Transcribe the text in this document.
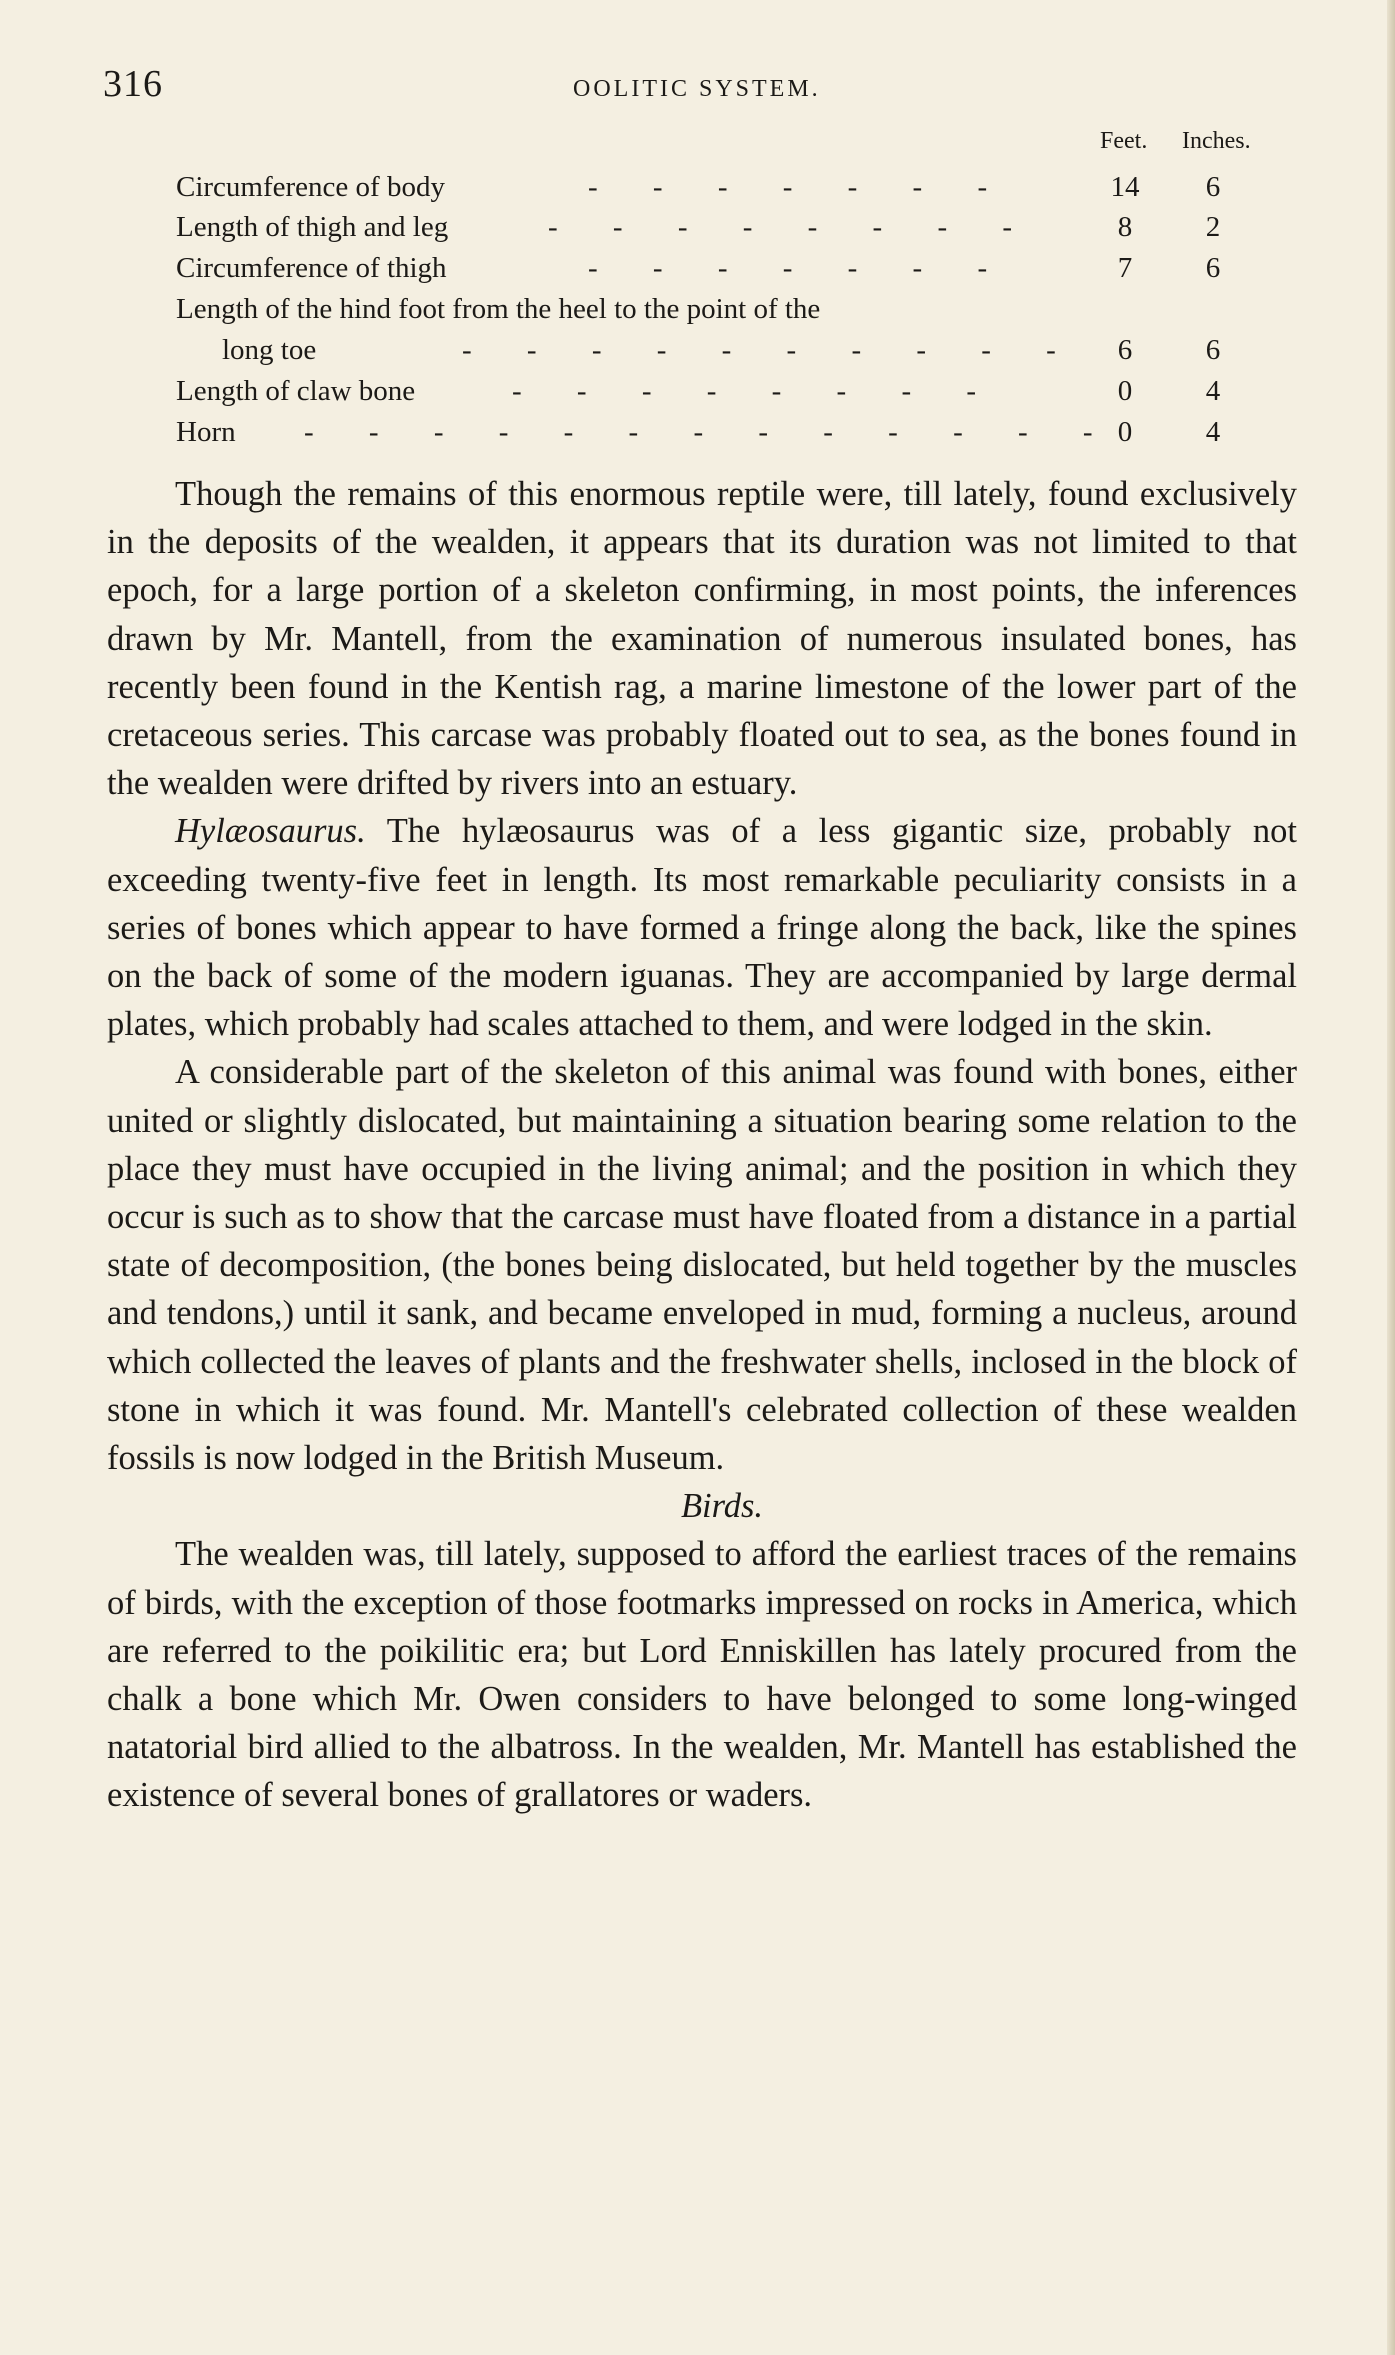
316	OOLITIC SYSTEM.
Feet. Inches.
Circumference of body	- - - - - - -	14	6
Length of thigh and leg	- - - - - - - -	8	2
Circumference of thigh	- - - - - - -	7	6
Length of the hind foot from the heel to the point of the
long toe	- - - - - - - - - -	6	6
Length of claw bone	- - - - - - - -	0	4
Horn - - - - - - - - - - - - - 0	4

Though the remains of this enormous reptile were, till lately, found exclusively in the deposits of the wealden, it appears that its duration was not limited to that epoch, for a large portion of a skeleton confirming, in most points, the inferences drawn by Mr. Mantell, from the examination of numerous insulated bones, has recently been found in the Kentish rag, a marine limestone of the lower part of the cretaceous series. This carcase was probably floated out to sea, as the bones found in the wealden were drifted by rivers into an estuary.

Hylæosaurus. The hylæosaurus was of a less gigantic size, probably not exceeding twenty-five feet in length. Its most remarkable peculiarity consists in a series of bones which appear to have formed a fringe along the back, like the spines on the back of some of the modern iguanas. They are accompanied by large dermal plates, which probably had scales attached to them, and were lodged in the skin.

A considerable part of the skeleton of this animal was found with bones, either united or slightly dislocated, but maintaining a situation bearing some relation to the place they must have occupied in the living animal; and the position in which they occur is such as to show that the carcase must have floated from a distance in a partial state of decomposition, (the bones being dislocated, but held together by the muscles and tendons,) until it sank, and became enveloped in mud, forming a nucleus, around which collected the leaves of plants and the freshwater shells, inclosed in the block of stone in which it was found. Mr. Mantell's celebrated collection of these wealden fossils is now lodged in the British Museum.

Birds.

The wealden was, till lately, supposed to afford the earliest traces of the remains of birds, with the exception of those footmarks impressed on rocks in America, which are referred to the poikilitic era; but Lord Enniskillen has lately procured from the chalk a bone which Mr. Owen considers to have belonged to some long-winged natatorial bird allied to the albatross. In the wealden, Mr. Mantell has established the existence of several bones of grallatores or waders.
